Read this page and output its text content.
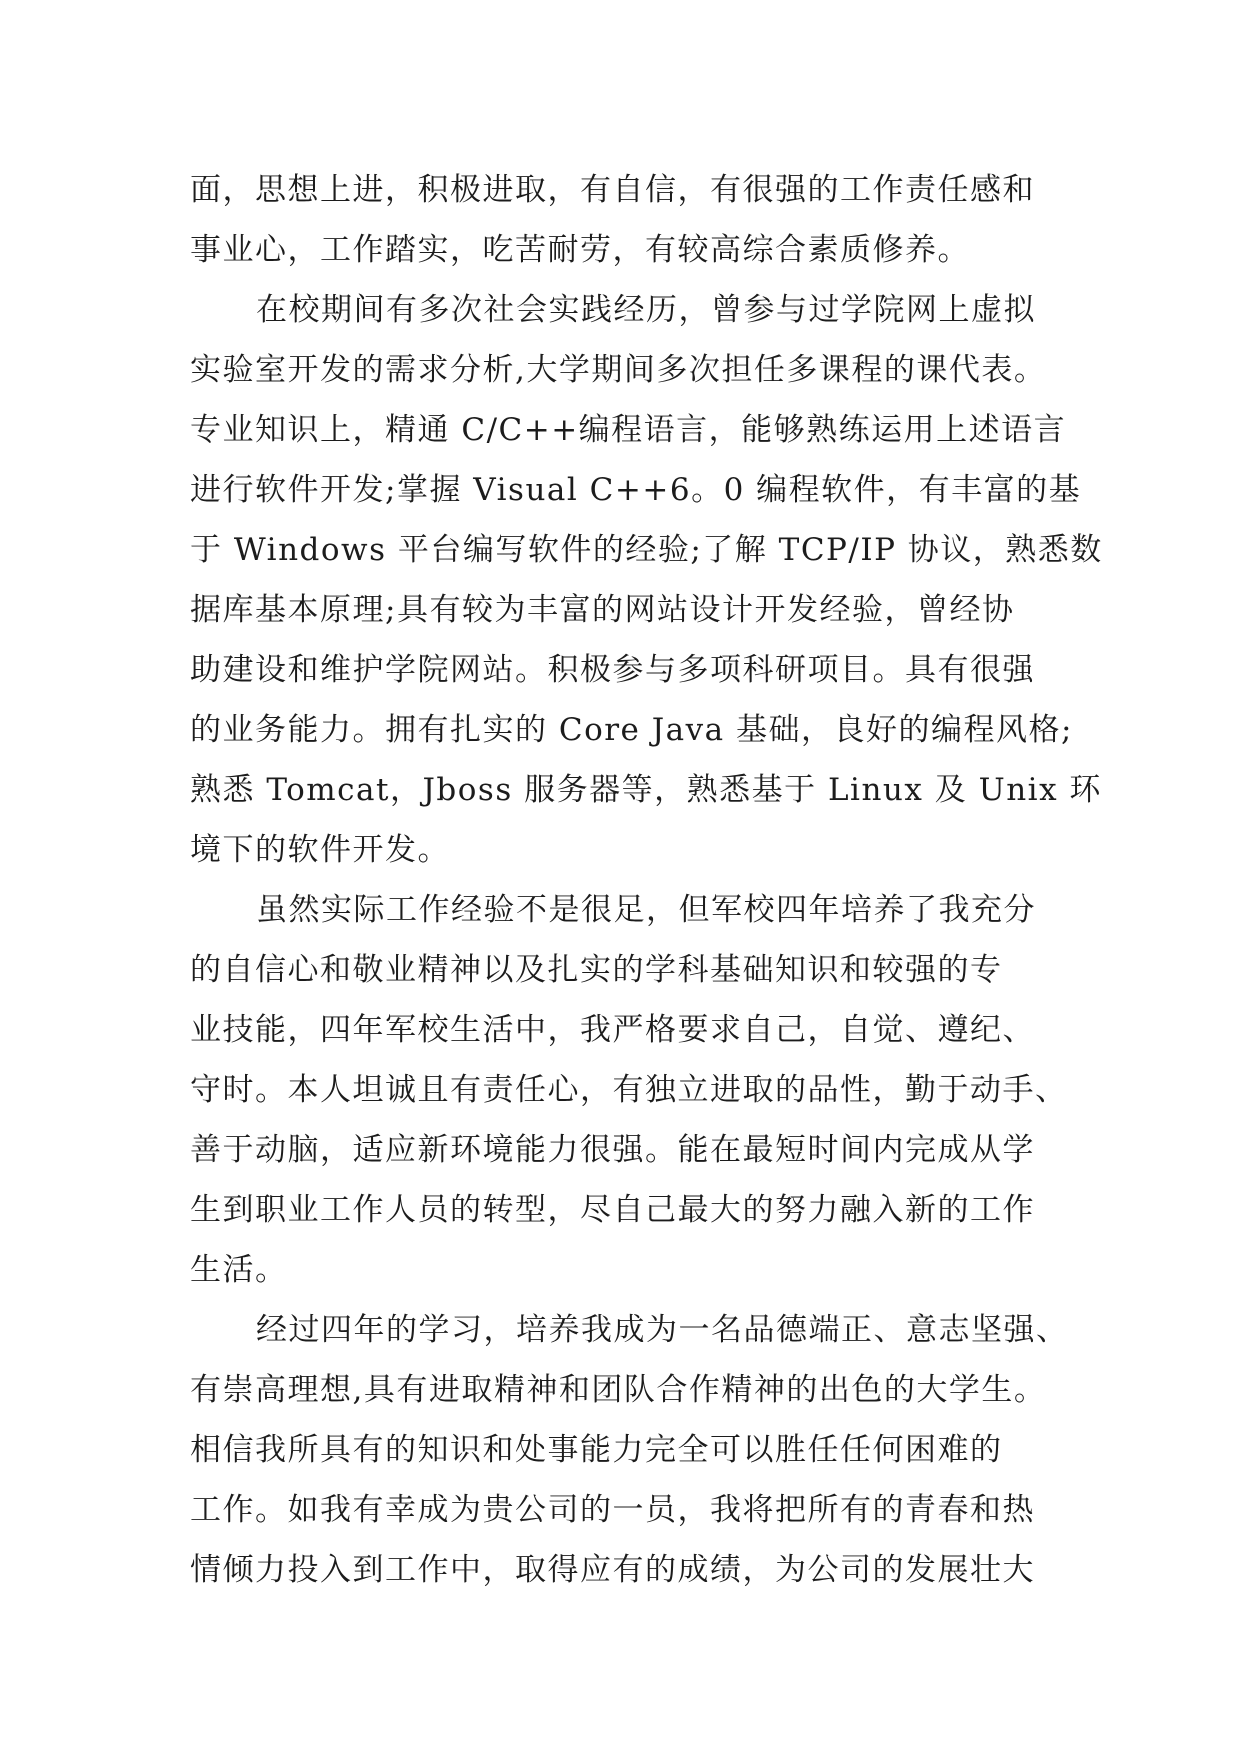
面，思想上进，积极进取，有自信，有很强的工作责任感和
事业心，工作踏实，吃苦耐劳，有较高综合素质修养。
在校期间有多次社会实践经历，曾参与过学院网上虚拟
实验室开发的需求分析,大学期间多次担任多课程的课代表。
专业知识上，精通 C/C++编程语言，能够熟练运用上述语言
进行软件开发;掌握 Visual C++6。0 编程软件，有丰富的基
于 Windows 平台编写软件的经验;了解 TCP/IP 协议，熟悉数
据库基本原理;具有较为丰富的网站设计开发经验，曾经协
助建设和维护学院网站。积极参与多项科研项目。具有很强
的业务能力。拥有扎实的 Core Java 基础，良好的编程风格;
熟悉 Tomcat，Jboss 服务器等，熟悉基于 Linux 及 Unix 环
境下的软件开发。
虽然实际工作经验不是很足，但军校四年培养了我充分
的自信心和敬业精神以及扎实的学科基础知识和较强的专
业技能，四年军校生活中，我严格要求自己，自觉、遵纪、
守时。本人坦诚且有责任心，有独立进取的品性，勤于动手、
善于动脑，适应新环境能力很强。能在最短时间内完成从学
生到职业工作人员的转型，尽自己最大的努力融入新的工作
生活。
经过四年的学习，培养我成为一名品德端正、意志坚强、
有崇高理想,具有进取精神和团队合作精神的出色的大学生。
相信我所具有的知识和处事能力完全可以胜任任何困难的
工作。如我有幸成为贵公司的一员，我将把所有的青春和热
情倾力投入到工作中，取得应有的成绩，为公司的发展壮大
